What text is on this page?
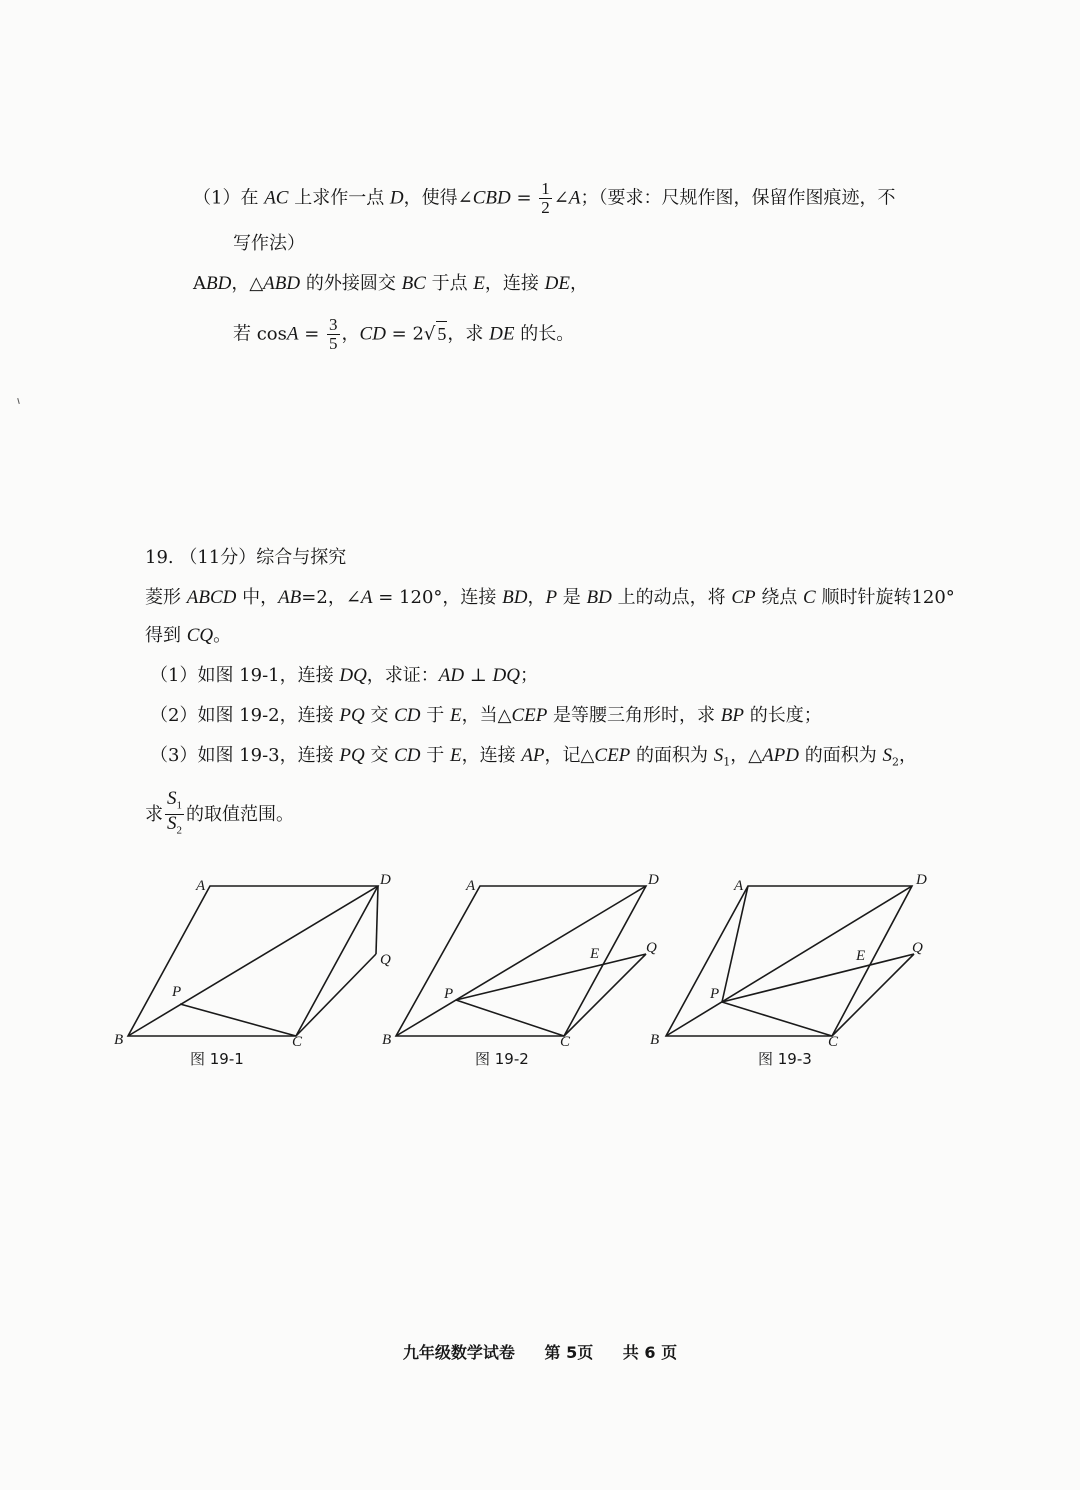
（1）在 AC 上求作一点 D，使得∠CBD = $\frac{1}{2}$ ∠A；（要求：尺规作图，保留作图痕迹，不
写作法）
ABD，△ABD 的外接圆交 BC 于点 E，连接 DE，
若 $\cos A = \frac{3}{5}$ ，CD = 2√ 5，求 DE 的长。
19. （11分）综合与探究
菱形 ABCD 中，AB=2，∠A = 120°，连接 BD，P 是 BD 上的动点，将 CP 绕点 C 顺时针旋转120°
得到 CQ。
（1）如图 19-1，连接 DQ，求证：AD ⊥ DQ；
（2）如图 19-2，连接 PQ 交 CD 于 E，当△CEP 是等腰三角形时，求 BP 的长度；
（3）如图 19-3，连接 PQ 交 CD 于 E，连接 AP，记△CEP 的面积为 $S_1$，△APD 的面积为 $S_2$，
求 $\frac{S_1}{S_2}$ 的取值范围。
A	D
B	C
P
Q
图 19-1
A	D
B	C
P
Q
E
图 19-2
A	D
B	C
P
Q
E
图 19-3
九年级数学试卷 第 5页 共 6 页
